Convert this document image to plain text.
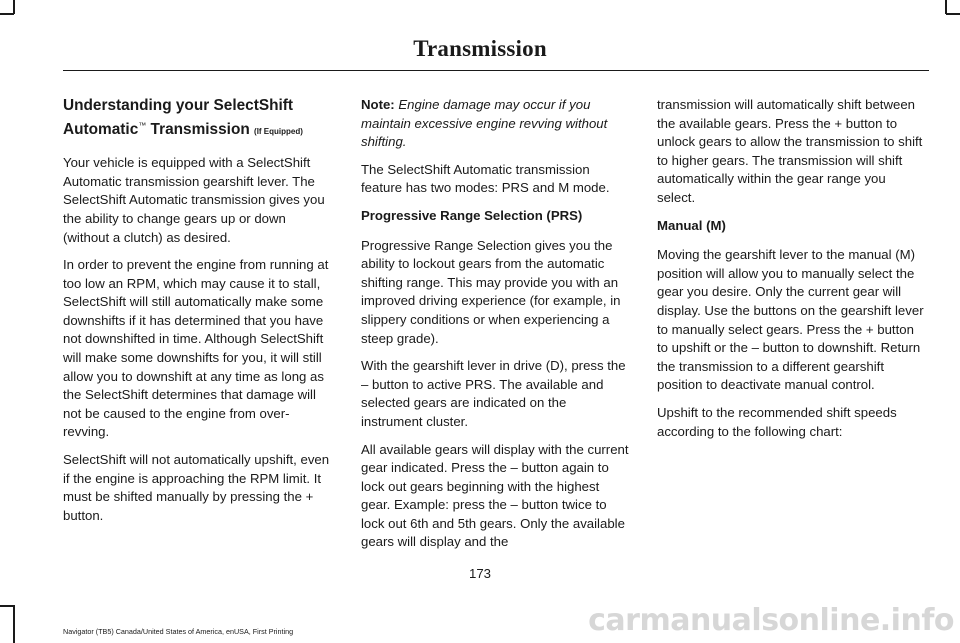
Transmission
Understanding your SelectShift Automatic™ Transmission (If Equipped)

Your vehicle is equipped with a SelectShift Automatic transmission gearshift lever. The SelectShift Automatic transmission gives you the ability to change gears up or down (without a clutch) as desired.

In order to prevent the engine from running at too low an RPM, which may cause it to stall, SelectShift will still automatically make some downshifts if it has determined that you have not downshifted in time. Although SelectShift will make some downshifts for you, it will still allow you to downshift at any time as long as the SelectShift determines that damage will not be caused to the engine from over-revving.

SelectShift will not automatically upshift, even if the engine is approaching the RPM limit. It must be shifted manually by pressing the + button.

Note: Engine damage may occur if you maintain excessive engine revving without shifting.

The SelectShift Automatic transmission feature has two modes: PRS and M mode.

Progressive Range Selection (PRS)

Progressive Range Selection gives you the ability to lockout gears from the automatic shifting range. This may provide you with an improved driving experience (for example, in slippery conditions or when experiencing a steep grade).

With the gearshift lever in drive (D), press the – button to active PRS. The available and selected gears are indicated on the instrument cluster.

All available gears will display with the current gear indicated. Press the – button again to lock out gears beginning with the highest gear. Example: press the – button twice to lock out 6th and 5th gears. Only the available gears will display and the

transmission will automatically shift between the available gears. Press the + button to unlock gears to allow the transmission to shift to higher gears. The transmission will shift automatically within the gear range you select.

Manual (M)

Moving the gearshift lever to the manual (M) position will allow you to manually select the gear you desire. Only the current gear will display. Use the buttons on the gearshift lever to manually select gears. Press the + button to upshift or the – button to downshift. Return the transmission to a different gearshift position to deactivate manual control.

Upshift to the recommended shift speeds according to the following chart:

173
Navigator (TB5) Canada/United States of America, enUSA, First Printing	carmanualsonline.info
